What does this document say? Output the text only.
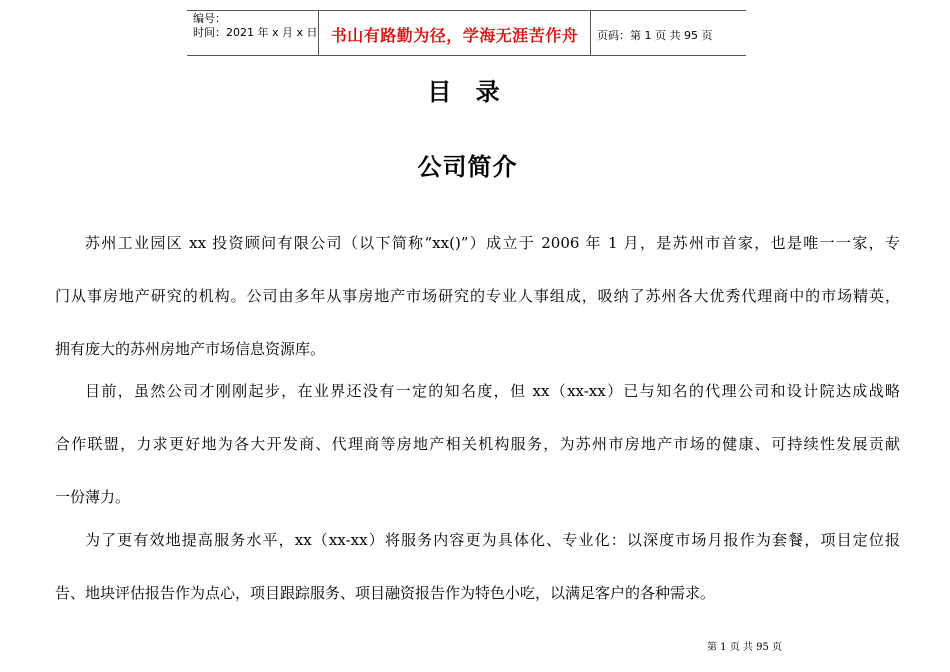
编号：
时间：2021 年 x 月 x 日 书山有路勤为径，学海无涯苦作舟	页码：第 1 页 共 95 页
目 录
公司简介
苏州工业园区 xx 投资顾问有限公司（以下简称“xx()”）成立于 2006 年 1 月，是苏州市首家，也是唯一一家，专
门从事房地产研究的机构。公司由多年从事房地产市场研究的专业人事组成，吸纳了苏州各大优秀代理商中的市场精英，
拥有庞大的苏州房地产市场信息资源库。
目前，虽然公司才刚刚起步，在业界还没有一定的知名度，但 xx（xx-xx）已与知名的代理公司和设计院达成战略
合作联盟，力求更好地为各大开发商、代理商等房地产相关机构服务，为苏州市房地产市场的健康、可持续性发展贡献
一份薄力。
为了更有效地提高服务水平，xx（xx-xx）将服务内容更为具体化、专业化：以深度市场月报作为套餐，项目定位报
告、地块评估报告作为点心，项目跟踪服务、项目融资报告作为特色小吃，以满足客户的各种需求。
第 1 页 共 95 页
